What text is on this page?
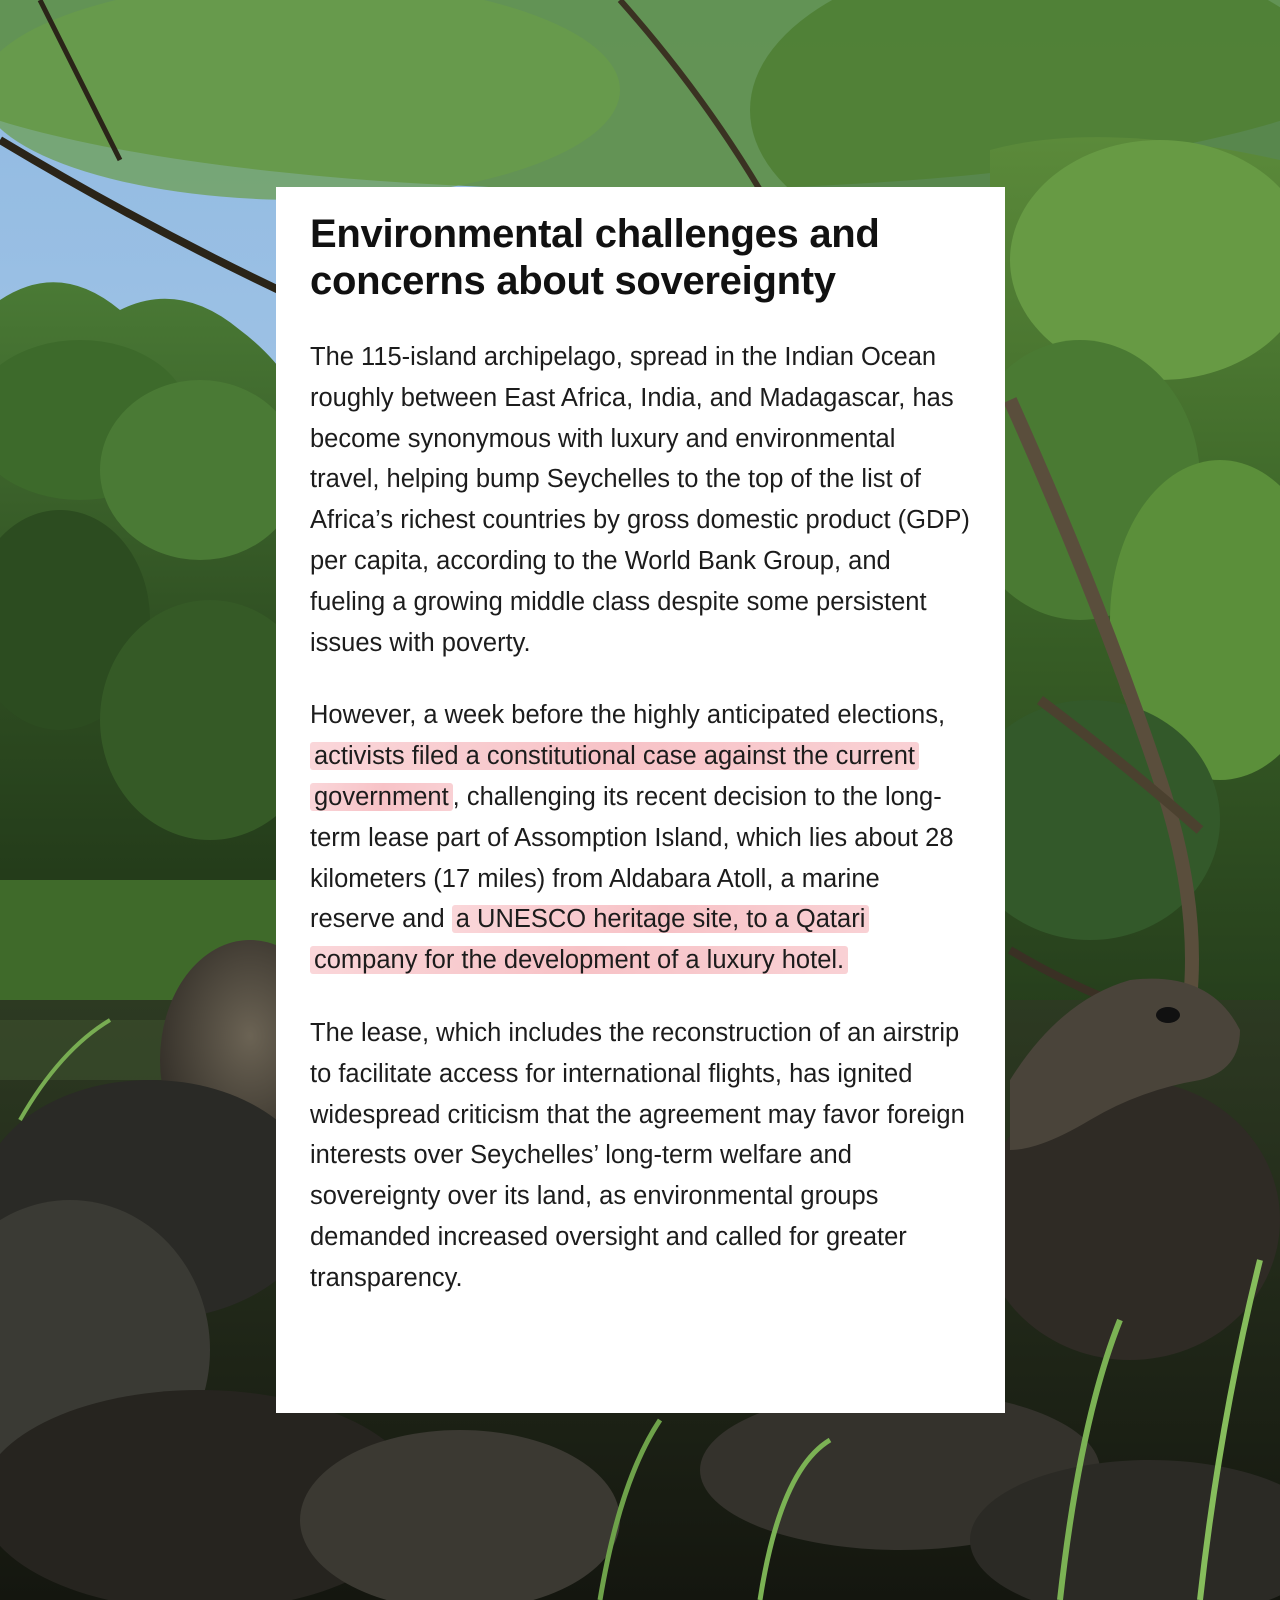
Environmental challenges and concerns about sovereignty

The 115-island archipelago, spread in the Indian Ocean roughly between East Africa, India, and Madagascar, has become synonymous with luxury and environmental travel, helping bump Seychelles to the top of the list of Africa’s richest countries by gross domestic product (GDP) per capita, according to the World Bank Group, and fueling a growing middle class despite some persistent issues with poverty.

However, a week before the highly anticipated elections, activists filed a constitutional case against the current government , challenging its recent decision to the long-term lease part of Assomption Island, which lies about 28 kilometers (17 miles) from Aldabara Atoll, a marine reserve and a UNESCO heritage site, to a Qatari company for the development of a luxury hotel.

The lease, which includes the reconstruction of an airstrip to facilitate access for international flights, has ignited widespread criticism that the agreement may favor foreign interests over Seychelles’ long-term welfare and sovereignty over its land, as environmental groups demanded increased oversight and called for greater transparency.
